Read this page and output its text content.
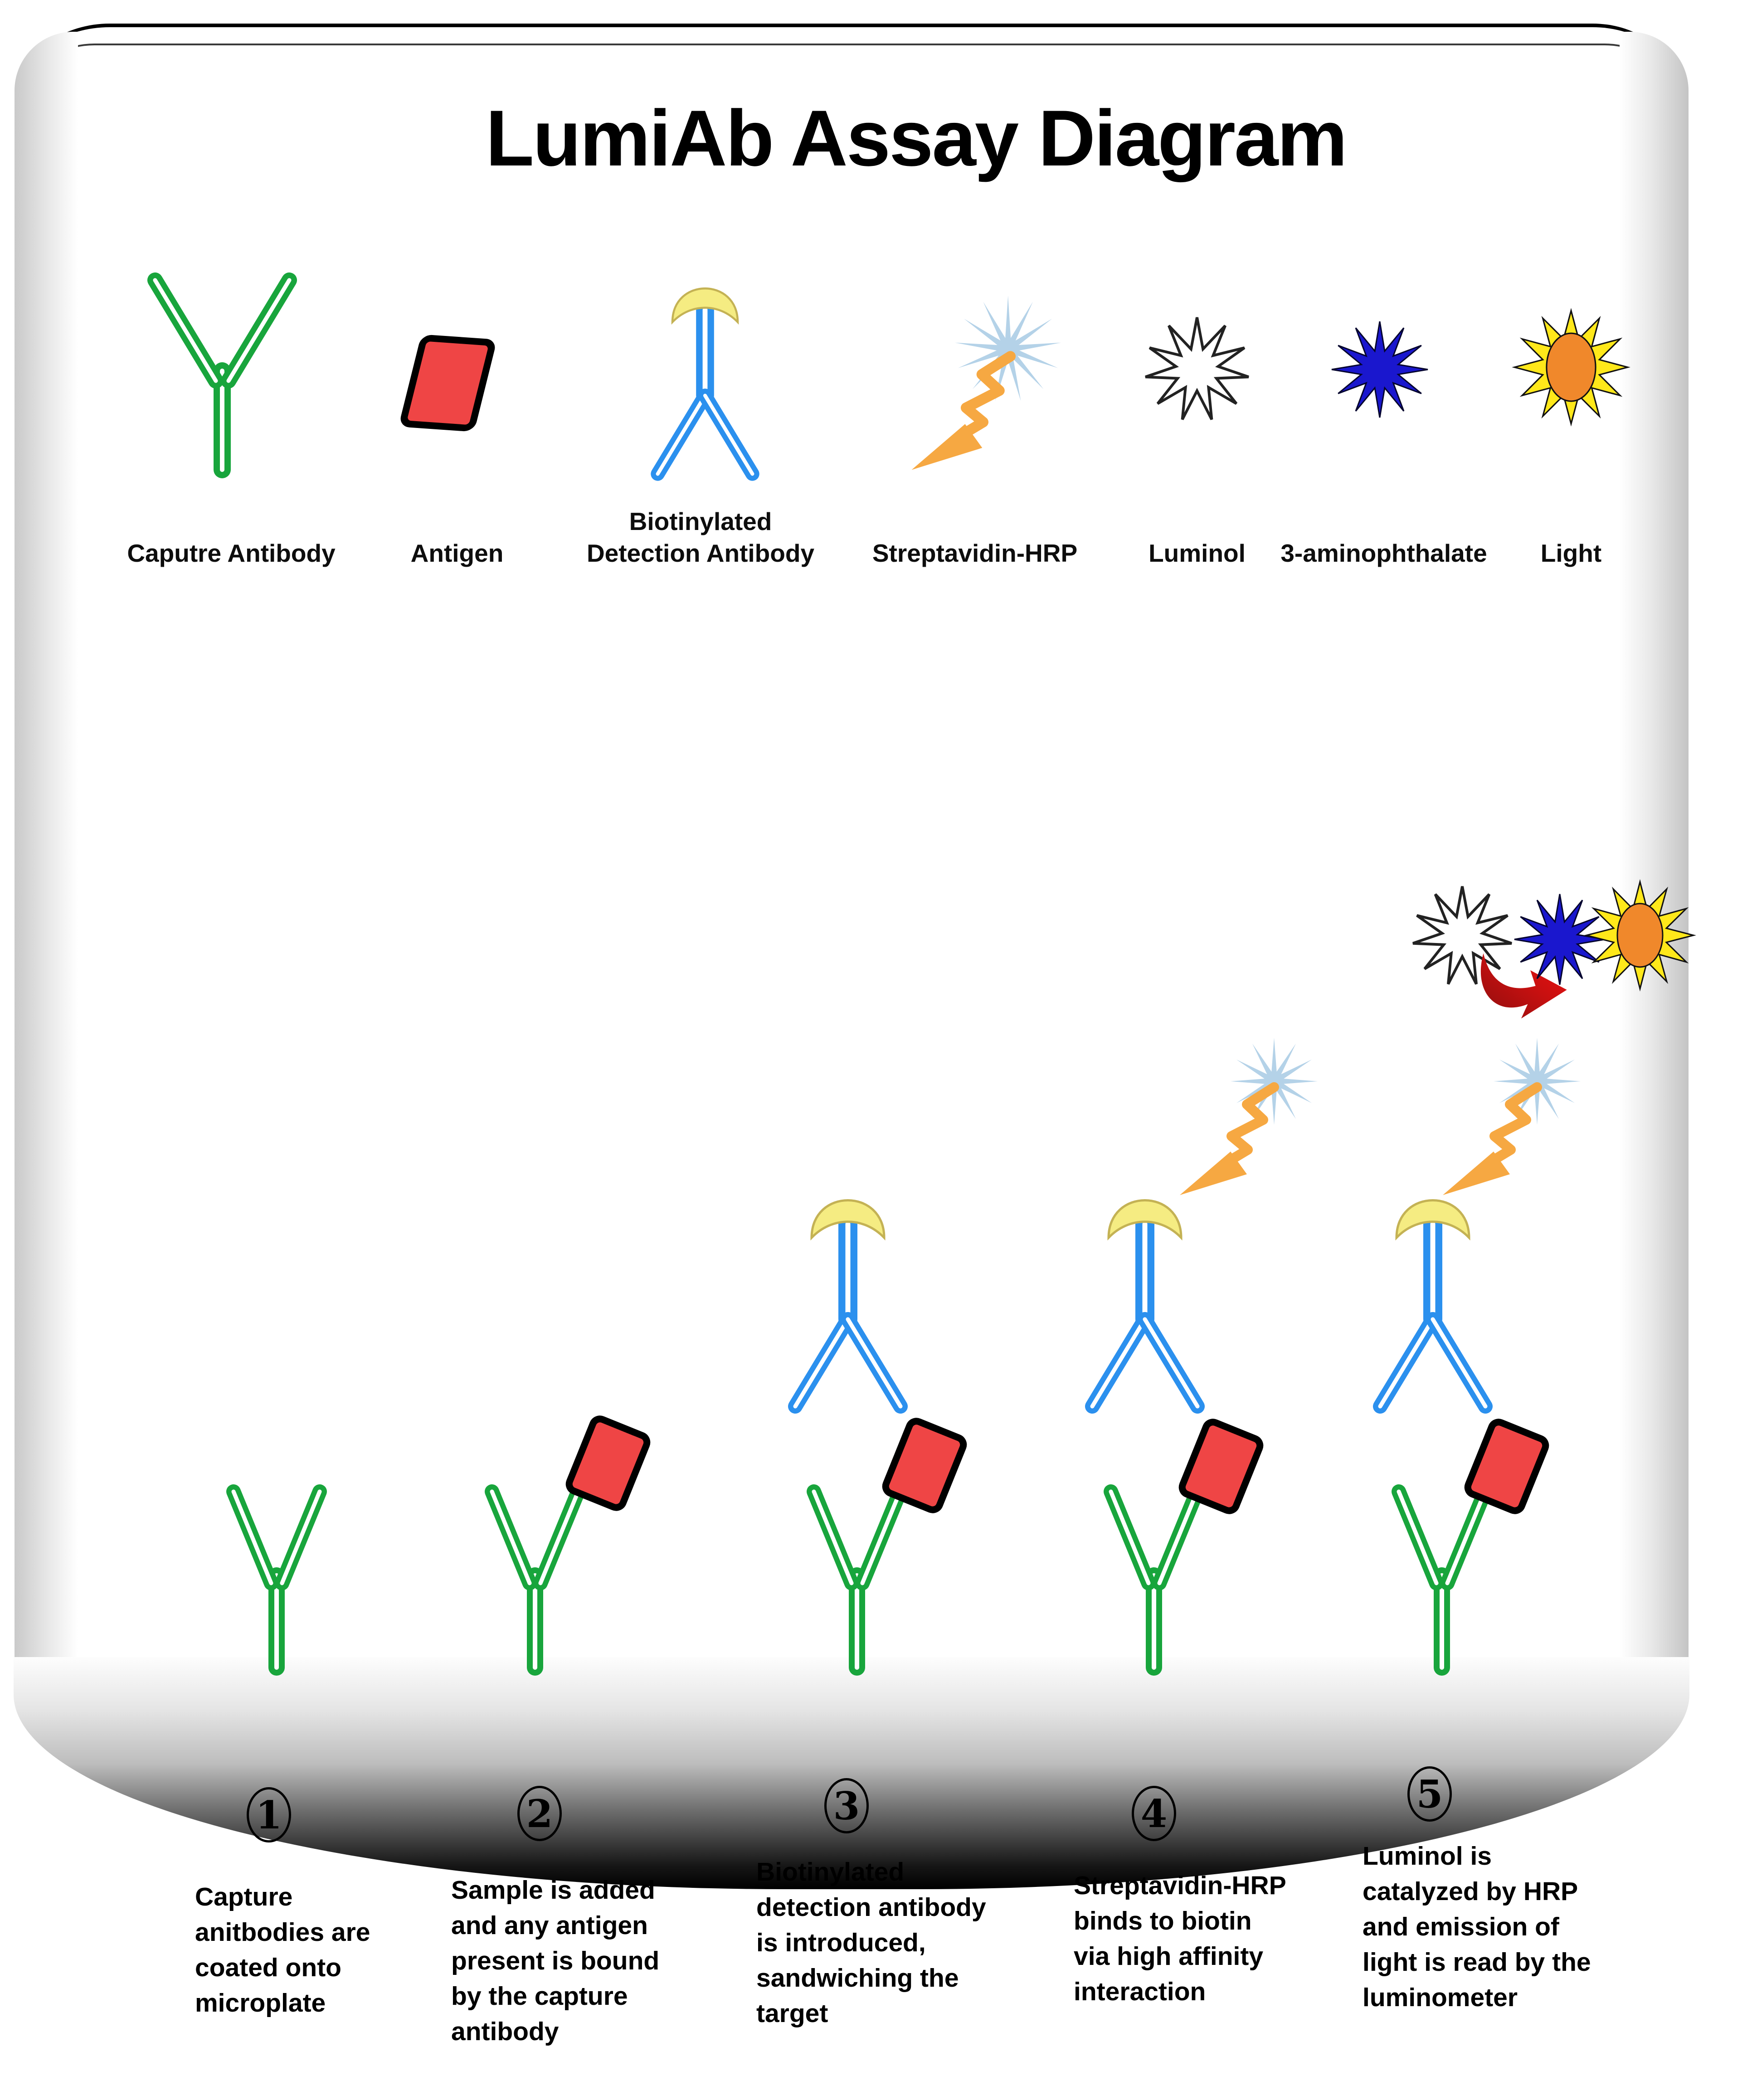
LumiAb Assay Diagram
Caputre Antibody	Antigen
Biotinylated
Detection Antibody Streptavidin-HRP	Luminol 3-aminophthalate Light
1	2	3	4	5
Capture
anitbodies are
coated onto
microplate
Sample is added
and any antigen
present is bound
by the capture
antibody
Biotinylated
detection antibody
is introduced,
sandwiching the
target
Streptavidin-HRP
binds to biotin
via high affinity
interaction
Luminol is
catalyzed by HRP
and emission of
light is read by the
luminometer
